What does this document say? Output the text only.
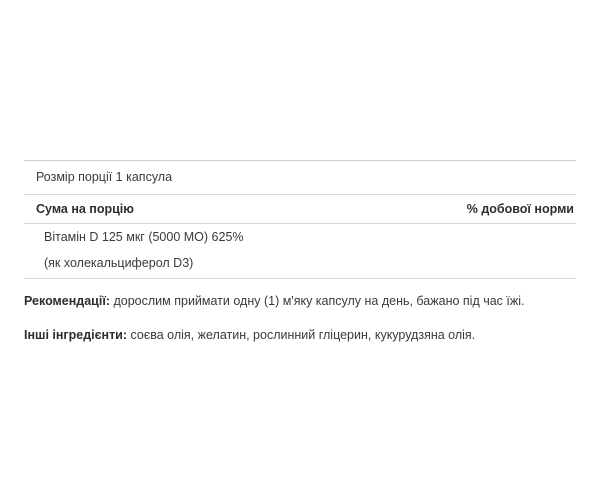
Розмір порції 1 капсула
Сума на порцію	% добової норми
Вітамін D 125 мкг (5000 МО) 625%
(як холекальциферол D3)
Рекомендації: дорослим приймати одну (1) м'яку капсулу на день, бажано під час їжі.
Інші інгредієнти: соєва олія, желатин, рослинний гліцерин, кукурудзяна олія.
